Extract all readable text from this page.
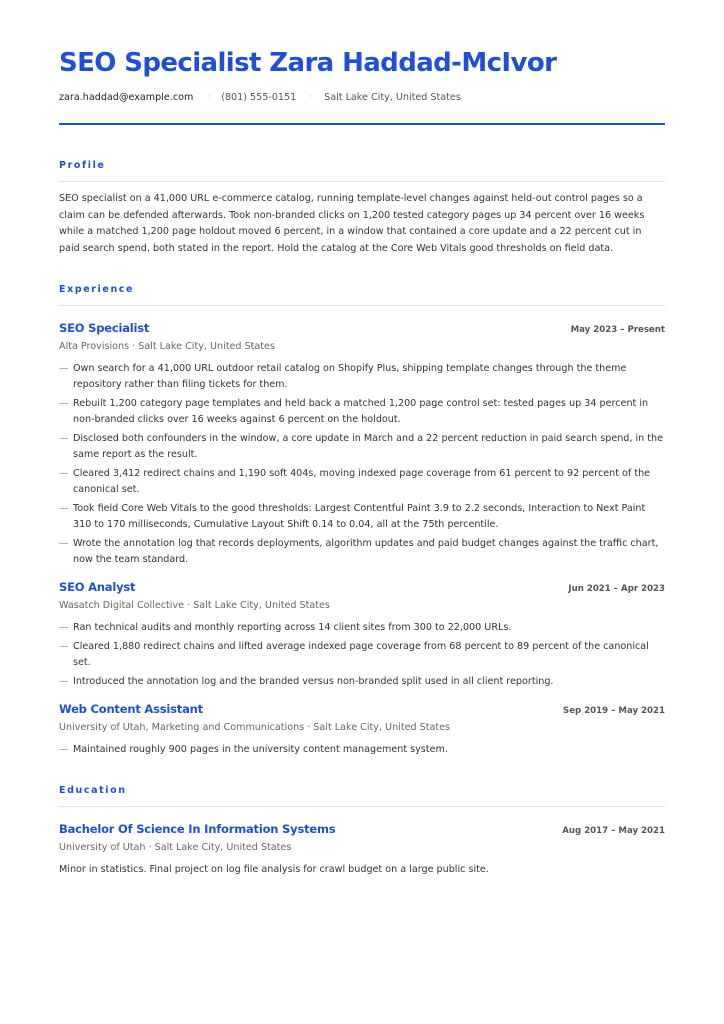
SEO Specialist Zara Haddad-McIvor
zara.haddad@example.com · (801) 555-0151 · Salt Lake City, United States
Profile

SEO specialist on a 41,000 URL e-commerce catalog, running template-level changes against held-out control pages so a claim can be defended afterwards. Took non-branded clicks on 1,200 tested category pages up 34 percent over 16 weeks while a matched 1,200 page holdout moved 6 percent, in a window that contained a core update and a 22 percent cut in paid search spend, both stated in the report. Hold the catalog at the Core Web Vitals good thresholds on field data.

Experience
SEO Specialist	May 2023 – Present
Alta Provisions · Salt Lake City, United States
— Own search for a 41,000 URL outdoor retail catalog on Shopify Plus, shipping template changes through the theme repository rather than filing tickets for them.
— Rebuilt 1,200 category page templates and held back a matched 1,200 page control set: tested pages up 34 percent in non-branded clicks over 16 weeks against 6 percent on the holdout.
— Disclosed both confounders in the window, a core update in March and a 22 percent reduction in paid search spend, in the same report as the result.
— Cleared 3,412 redirect chains and 1,190 soft 404s, moving indexed page coverage from 61 percent to 92 percent of the canonical set.
— Took field Core Web Vitals to the good thresholds: Largest Contentful Paint 3.9 to 2.2 seconds, Interaction to Next Paint 310 to 170 milliseconds, Cumulative Layout Shift 0.14 to 0.04, all at the 75th percentile.
— Wrote the annotation log that records deployments, algorithm updates and paid budget changes against the traffic chart, now the team standard.
SEO Analyst	Jun 2021 – Apr 2023
Wasatch Digital Collective · Salt Lake City, United States
— Ran technical audits and monthly reporting across 14 client sites from 300 to 22,000 URLs.
— Cleared 1,880 redirect chains and lifted average indexed page coverage from 68 percent to 89 percent of the canonical set.
— Introduced the annotation log and the branded versus non-branded split used in all client reporting.
Web Content Assistant	Sep 2019 – May 2021
University of Utah, Marketing and Communications · Salt Lake City, United States
— Maintained roughly 900 pages in the university content management system.
Education
Bachelor Of Science In Information Systems	Aug 2017 – May 2021
University of Utah · Salt Lake City, United States
Minor in statistics. Final project on log file analysis for crawl budget on a large public site.
